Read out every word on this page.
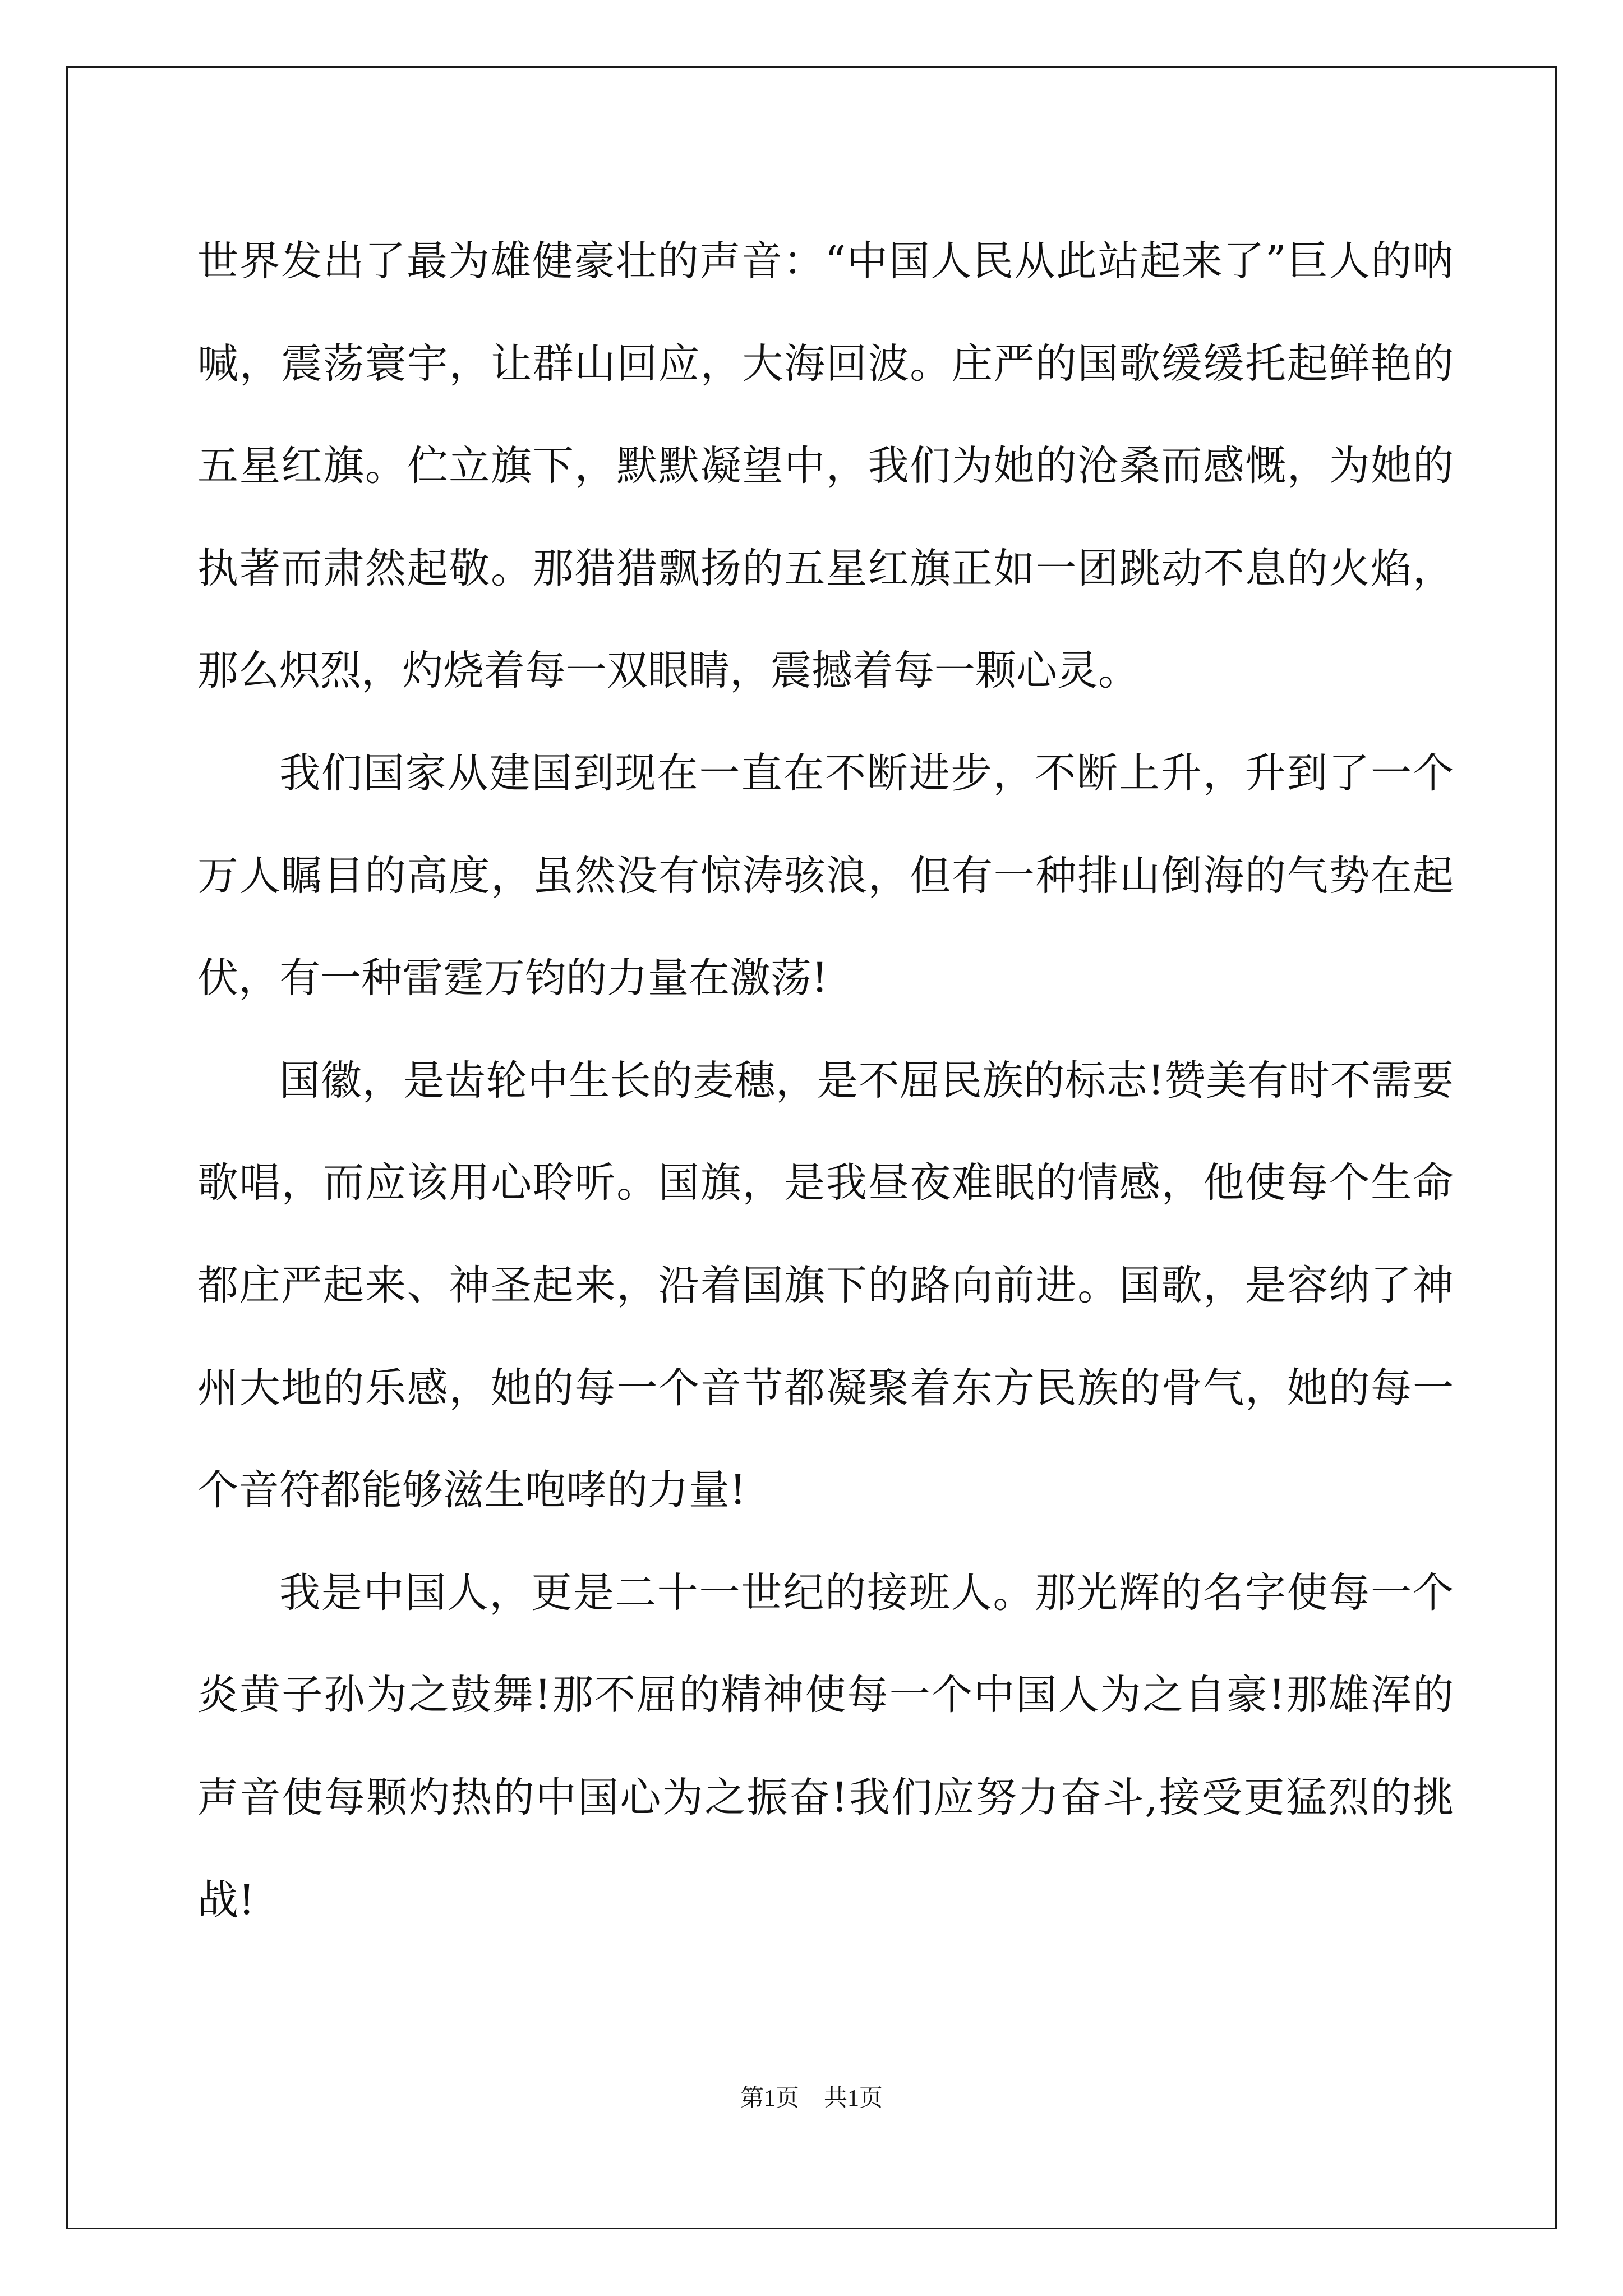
世界发出了最为雄健豪壮的声音：“中国人民从此站起来了”巨人的呐喊，震荡寰宇，让群山回应，大海回波。庄严的国歌缓缓托起鲜艳的五星红旗。伫立旗下，默默凝望中，我们为她的沧桑而感慨，为她的执著而肃然起敬。那猎猎飘扬的五星红旗正如一团跳动不息的火焰，那么炽烈，灼烧着每一双眼睛，震撼着每一颗心灵。

我们国家从建国到现在一直在不断进步，不断上升，升到了一个万人瞩目的高度，虽然没有惊涛骇浪，但有一种排山倒海的气势在起伏，有一种雷霆万钧的力量在激荡!

国徽，是齿轮中生长的麦穗，是不屈民族的标志!赞美有时不需要歌唱，而应该用心聆听。国旗，是我昼夜难眠的情感，他使每个生命都庄严起来、神圣起来，沿着国旗下的路向前进。国歌，是容纳了神州大地的乐感，她的每一个音节都凝聚着东方民族的骨气，她的每一个音符都能够滋生咆哮的力量!

我是中国人，更是二十一世纪的接班人。那光辉的名字使每一个炎黄子孙为之鼓舞!那不屈的精神使每一个中国人为之自豪!那雄浑的声音使每颗灼热的中国心为之振奋!我们应努力奋斗,接受更猛烈的挑战!

第1页 共1页
